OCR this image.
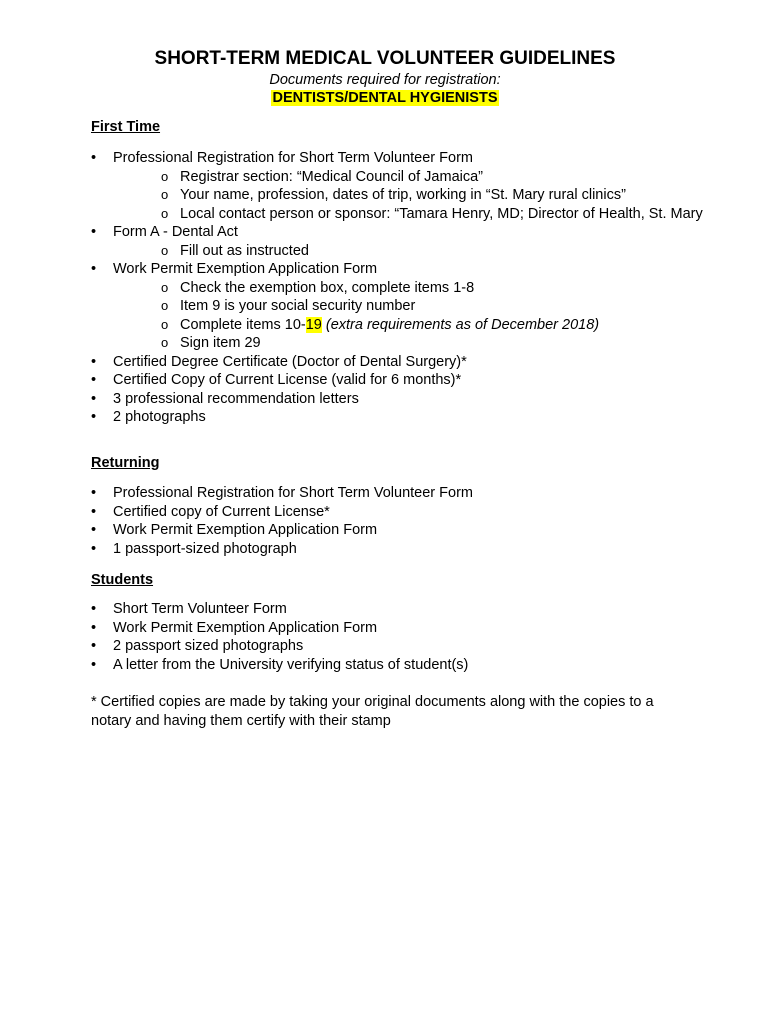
SHORT-TERM MEDICAL VOLUNTEER GUIDELINES
Documents required for registration:
DENTISTS/DENTAL HYGIENISTS
First Time
• Professional Registration for Short Term Volunteer Form
o Registrar section: “Medical Council of Jamaica”
o Your name, profession, dates of trip, working in “St. Mary rural clinics”
o Local contact person or sponsor: “Tamara Henry, MD; Director of Health, St. Mary
• Form A - Dental Act
o Fill out as instructed
• Work Permit Exemption Application Form
o Check the exemption box, complete items 1-8
o Item 9 is your social security number
o Complete items 10-19 (extra requirements as of December 2018)
o Sign item 29
• Certified Degree Certificate (Doctor of Dental Surgery)*
• Certified Copy of Current License (valid for 6 months)*
• 3 professional recommendation letters
• 2 photographs
Returning
• Professional Registration for Short Term Volunteer Form
• Certified copy of Current License*
• Work Permit Exemption Application Form
• 1 passport-sized photograph
Students
• Short Term Volunteer Form
• Work Permit Exemption Application Form
• 2 passport sized photographs
• A letter from the University verifying status of student(s)
* Certified copies are made by taking your original documents along with the copies to a notary and having them certify with their stamp
